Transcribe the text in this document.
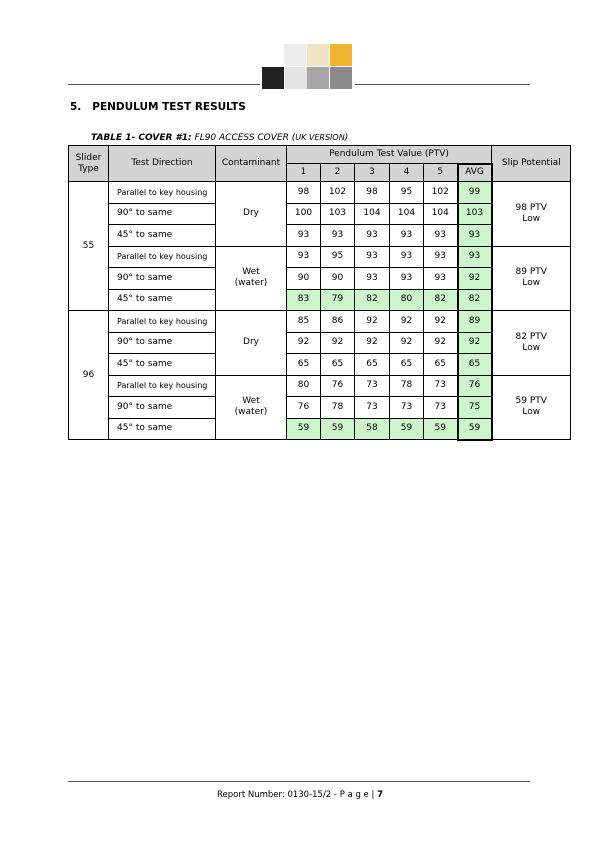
5. PENDULUM TEST RESULTS
TABLE 1- COVER #1: FL90 ACCESS COVER (UK VERSION)
Slider Type	Test Direction	Contaminant	Pendulum Test Value (PTV)						Slip Potential
			1	2	3	4	5	AVG	
55	Parallel to key housing	Dry	98	102	98	95	102	99	98 PTV Low
	90° to same		100	103	104	104	104	103	
	45° to same		93	93	93	93	93	93	
	Parallel to key housing	Wet (water)	93	95	93	93	93	93	89 PTV Low
	90° to same		90	90	93	93	93	92	
	45° to same		83	79	82	80	82	82	
96	Parallel to key housing	Dry	85	86	92	92	92	89	82 PTV Low
	90° to same		92	92	92	92	92	92	
	45° to same		65	65	65	65	65	65	
	Parallel to key housing	Wet (water)	80	76	73	78	73	76	59 PTV Low
	90° to same		76	78	73	73	73	75	
	45° to same		59	59	58	59	59	59	
Report Number: 0130-15/2 - P a g e | 7
